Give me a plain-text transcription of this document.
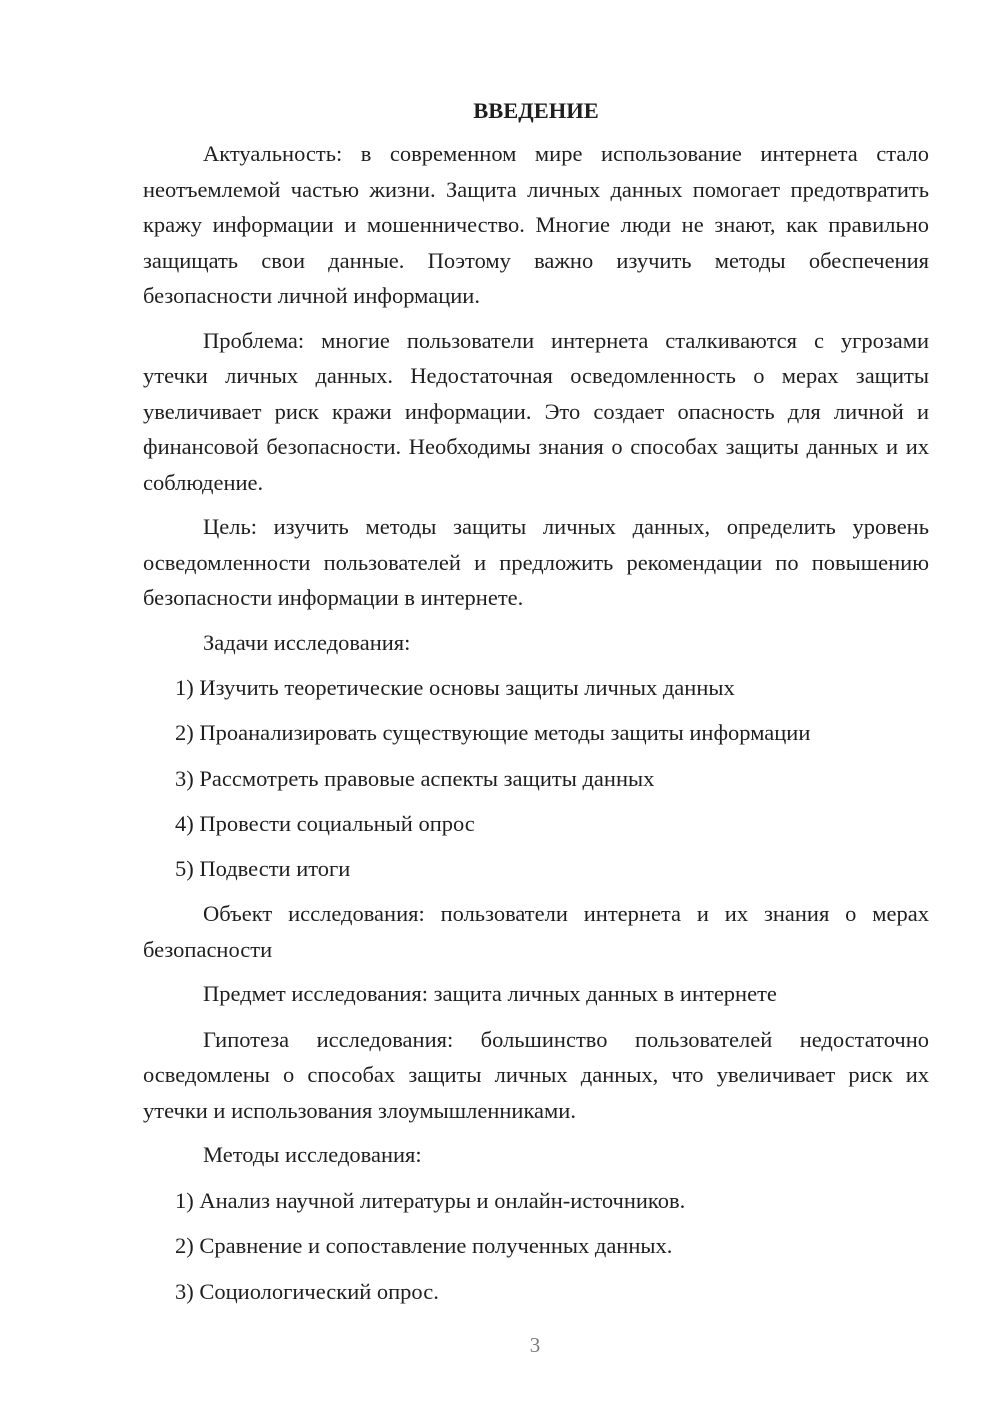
ВВЕДЕНИЕ

Актуальность: в современном мире использование интернета стало неотъемлемой частью жизни. Защита личных данных помогает предотвратить кражу информации и мошенничество. Многие люди не знают, как правильно защищать свои данные. Поэтому важно изучить методы обеспечения безопасности личной информации.

Проблема: многие пользователи интернета сталкиваются с угрозами утечки личных данных. Недостаточная осведомленность о мерах защиты увеличивает риск кражи информации. Это создает опасность для личной и финансовой безопасности. Необходимы знания о способах защиты данных и их соблюдение.

Цель: изучить методы защиты личных данных, определить уровень осведомленности пользователей и предложить рекомендации по повышению безопасности информации в интернете.

Задачи исследования:

1) Изучить теоретические основы защиты личных данных

2) Проанализировать существующие методы защиты информации

3) Рассмотреть правовые аспекты защиты данных

4) Провести социальный опрос

5) Подвести итоги

Объект исследования: пользователи интернета и их знания о мерах безопасности

Предмет исследования: защита личных данных в интернете

Гипотеза исследования: большинство пользователей недостаточно осведомлены о способах защиты личных данных, что увеличивает риск их утечки и использования злоумышленниками.

Методы исследования:

1) Анализ научной литературы и онлайн-источников.

2) Сравнение и сопоставление полученных данных.

3) Социологический опрос.

3
